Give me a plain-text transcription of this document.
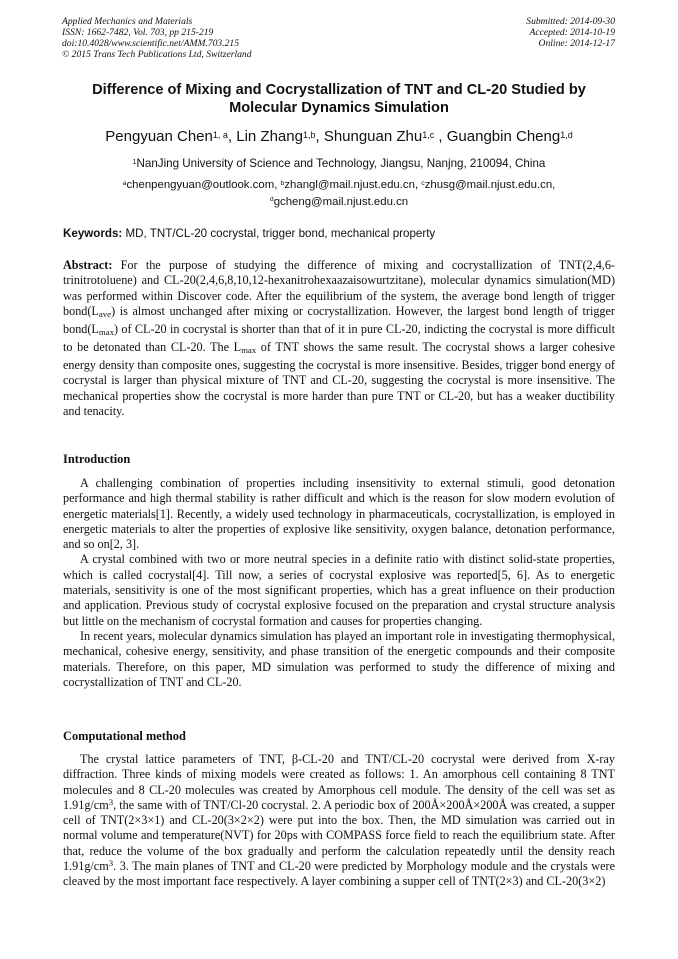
Applied Mechanics and Materials
ISSN: 1662-7482, Vol. 703, pp 215-219
doi:10.4028/www.scientific.net/AMM.703.215
© 2015 Trans Tech Publications Ltd, Switzerland
Submitted: 2014-09-30
Accepted: 2014-10-19
Online: 2014-12-17
Difference of Mixing and Cocrystallization of TNT and CL-20 Studied by
Molecular Dynamics Simulation
Pengyuan Chen$^{1, a}$, Lin Zhang$^{1,b}$, Shunguan Zhu$^{1,c}$ , Guangbin Cheng$^{1,d}$
$^1$NanJing University of Science and Technology, Jiangsu, Nanjng, 210094, China
$^a$chenpengyuan@outlook.com, $^b$zhangl@mail.njust.edu.cn, $^c$zhusg@mail.njust.edu.cn,
$^d$gcheng@mail.njust.edu.cn
Keywords: MD, TNT/CL-20 cocrystal, trigger bond, mechanical property

Abstract: For the purpose of studying the difference of mixing and cocrystallization of TNT(2,4,6-trinitrotoluene) and CL-20(2,4,6,8,10,12-hexanitrohexaazaisowurtzitane), molecular dynamics simulation(MD) was performed within Discover code. After the equilibrium of the system, the average bond length of trigger $bond(L_{ave})$ is almost unchanged after mixing or cocrystallization. However, the largest bond length of trigger $bond(L_{max})$ of CL-20 in cocrystal is shorter than that of it in pure CL-20, indicting the cocrystal is more difficult to be detonated than CL-20. The $L_{max}$ of TNT shows the same result. The cocrystal shows a larger cohesive energy density than composite ones, suggesting the cocrystal is more insensitive. Besides, trigger bond energy of cocrystal is larger than physical mixture of TNT and CL-20, suggesting the cocrystal is more insensitive. The mechanical properties show the cocrystal is more harder than pure TNT or CL-20, but has a weaker ductibility and tenacity.

Introduction

A challenging combination of properties including insensitivity to external stimuli, good detonation performance and high thermal stability is rather difficult and which is the reason for slow modern evolution of energetic materials[1]. Recently, a widely used technology in pharmaceuticals, cocrystallization, is employed in energetic materials to alter the properties of explosive like sensitivity, oxygen balance, detonation performance, and so on[2, 3].

A crystal combined with two or more neutral species in a definite ratio with distinct solid-state properties, which is called cocrystal[4]. Till now, a series of cocrystal explosive was reported[5, 6]. As to energetic materials, sensitivity is one of the most significant properties, which has a great influence on their production and application. Previous study of cocrystal explosive focused on the preparation and crystal structure analysis but little on the mechanism of cocrystal formation and causes for properties changing.

In recent years, molecular dynamics simulation has played an important role in investigating thermophysical, mechanical, cohesive energy, sensitivity, and phase transition of the energetic compounds and their composite materials. Therefore, on this paper, MD simulation was performed to study the difference of mixing and cocrystallization of TNT and CL-20.

Computational method

The crystal lattice parameters of TNT, β-CL-20 and TNT/CL-20 cocrystal were derived from X-ray diffraction. Three kinds of mixing models were created as follows: 1. An amorphous cell containing 8 TNT molecules and 8 CL-20 molecules was created by Amorphous cell module. The density of the cell was set as $1.91g/cm^3$, the same with of TNT/Cl-20 cocrystal. 2. A periodic box of 200Å×200Å×200Å was created, a supper cell of TNT(2×3×1) and CL-20(3×2×2) were put into the box. Then, the MD simulation was carried out in normal volume and temperature(NVT) for 20ps with COMPASS force field to reach the equilibrium state. After that, reduce the volume of the box gradually and perform the calculation repeatedly until the density reach $1.91g/cm^3$. 3. The main planes of TNT and CL-20 were predicted by Morphology module and the crystals were cleaved by the most important face respectively. A layer combining a supper cell of TNT(2×3) and CL-20(3×2)
